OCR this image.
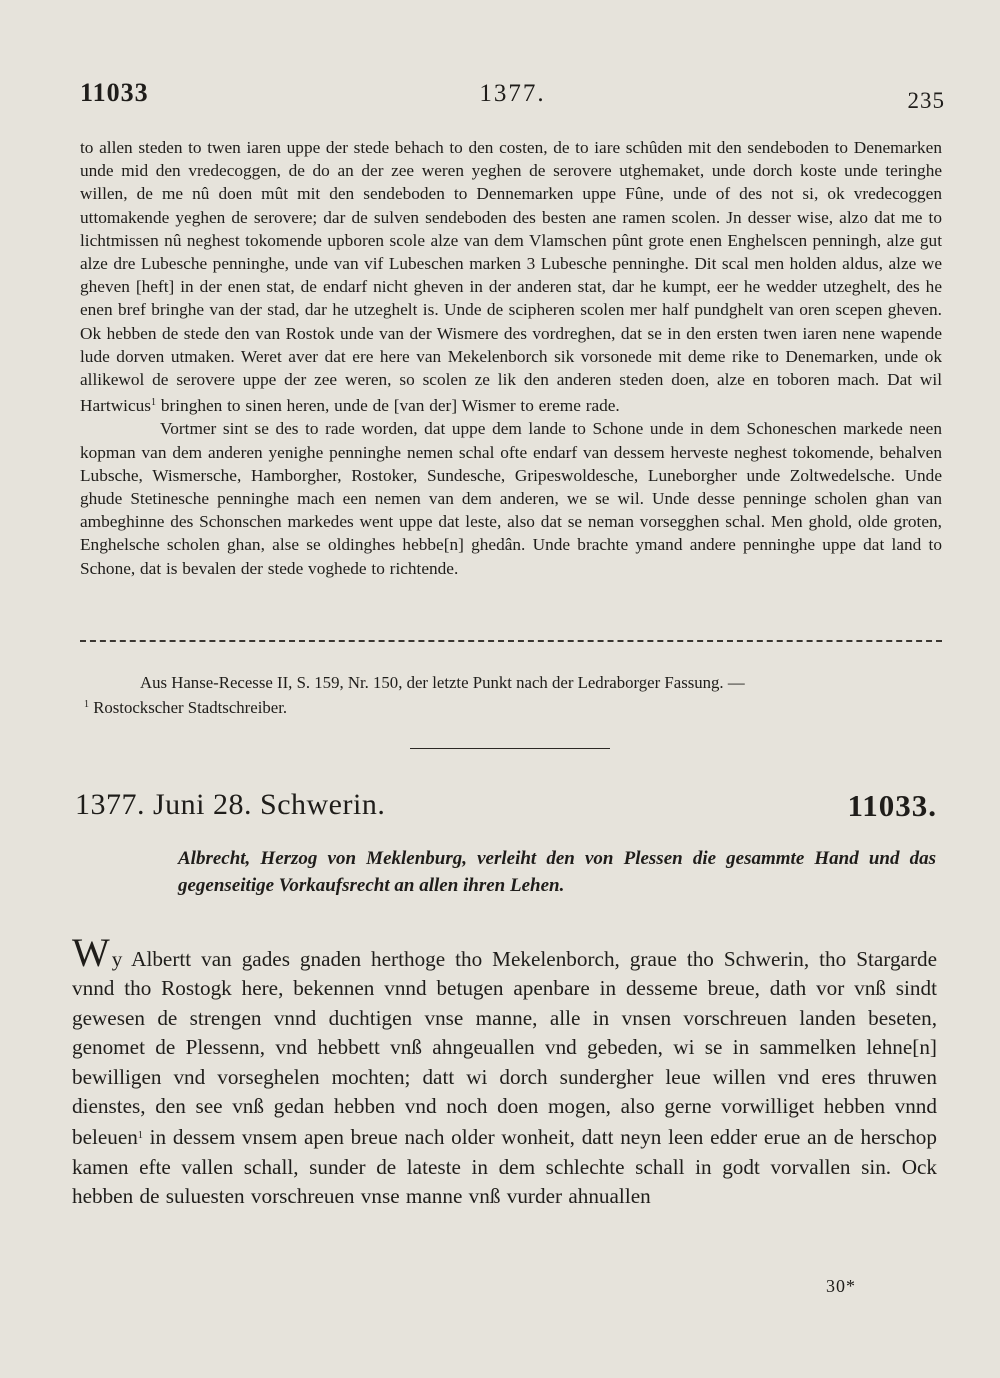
11033	1377.	235

to allen steden to twen iaren uppe der stede behach to den costen, de to iare schûden mit den sendeboden to Denemarken unde mid den vredecoggen, de do an der zee weren yeghen de serovere utghemaket, unde dorch koste unde teringhe willen, de me nû doen mût mit den sendeboden to Dennemarken uppe Fûne, unde of des not si, ok vredecoggen uttomakende yeghen de serovere; dar de sulven sendeboden des besten ane ramen scolen. Jn desser wise, alzo dat me to lichtmissen nû neghest tokomende upboren scole alze van dem Vlamschen pûnt grote enen Enghelscen penningh, alze gut alze dre Lubesche penninghe, unde van vif Lubeschen marken 3 Lubesche penninghe. Dit scal men holden aldus, alze we gheven [heft] in der enen stat, de endarf nicht gheven in der anderen stat, dar he kumpt, eer he wedder utzeghelt, des he enen bref bringhe van der stad, dar he utzeghelt is. Unde de scipheren scolen mer half pundghelt van oren scepen gheven. Ok hebben de stede den van Rostok unde van der Wismere des vordreghen, dat se in den ersten twen iaren nene wapende lude dorven utmaken. Weret aver dat ere here van Mekelenborch sik vorsonede mit deme rike to Denemarken, unde ok allikewol de serovere uppe der zee weren, so scolen ze lik den anderen steden doen, alze en toboren mach. Dat wil Hartwicus$^1$ bringhen to sinen heren, unde de [van der] Wismer to ereme rade.

Vortmer sint se des to rade worden, dat uppe dem lande to Schone unde in dem Schoneschen markede neen kopman van dem anderen yenighe penninghe nemen schal ofte endarf van dessem herveste neghest tokomende, behalven Lubsche, Wismersche, Hamborgher, Rostoker, Sundesche, Gripeswoldesche, Luneborgher unde Zoltwedelsche. Unde ghude Stetinesche penninghe mach een nemen van dem anderen, we se wil. Unde desse penninge scholen ghan van ambeghinne des Schonschen markedes went uppe dat leste, also dat se neman vorsegghen schal. Men ghold, olde groten, Enghelsche scholen ghan, alse se oldinghes hebbe[n] ghedân. Unde brachte ymand andere penninghe uppe dat land to Schone, dat is bevalen der stede voghede to richtende.

Aus Hanse-Recesse II, S. 159, Nr. 150, der letzte Punkt nach der Ledraborger Fassung. —

$^1$ Rostockscher Stadtschreiber.

1377. Juni 28. Schwerin.	11033.

Albrecht, Herzog von Meklenburg, verleiht den von Plessen die gesammte Hand und das gegenseitige Vorkaufsrecht an allen ihren Lehen.

Wy Albertt van gades gnaden herthoge tho Mekelenborch, graue tho Schwerin, tho Stargarde vnnd tho Rostogk here, bekennen vnnd betugen apenbare in desseme breue, dath vor vnß sindt gewesen de strengen vnnd duchtigen vnse manne, alle in vnsen vorschreuen landen beseten, genomet de Plessenn, vnd hebbett vnß ahngeuallen vnd gebeden, wi se in sammelken lehne[n] bewilligen vnd vorseghelen mochten; datt wi dorch sundergher leue willen vnd eres thruwen dienstes, den see vnß gedan hebben vnd noch doen mogen, also gerne vorwilliget hebben vnnd beleuen$^1$ in dessem vnsem apen breue nach older wonheit, datt neyn leen edder erue an de herschop kamen efte vallen schall, sunder de lateste in dem schlechte schall in godt vorvallen sin. Ock hebben de suluesten vorschreuen vnse manne vnß vurder ahnuallen

30*
